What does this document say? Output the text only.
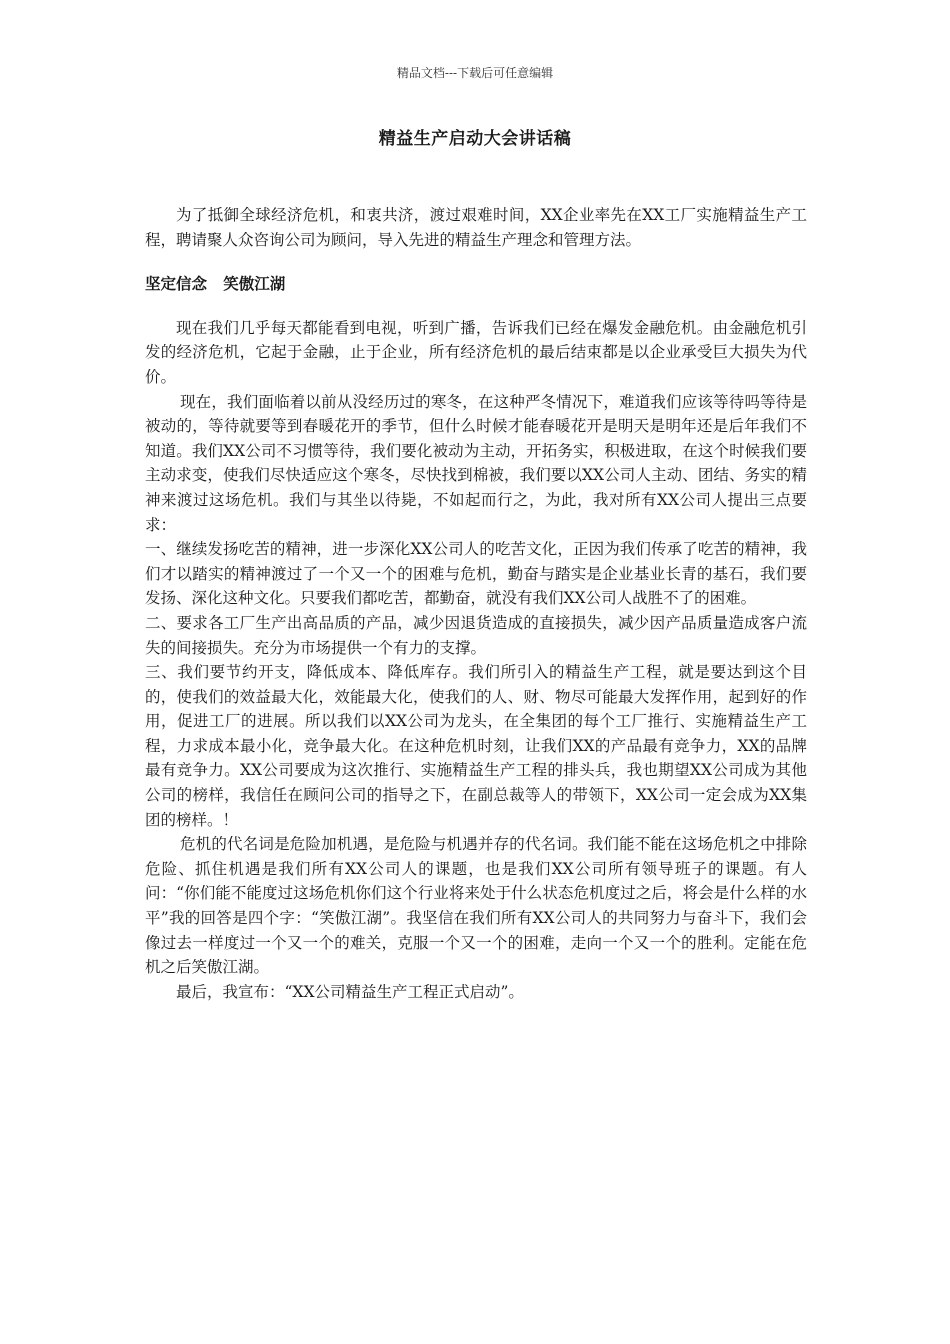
精品文档---下载后可任意编辑
精益生产启动大会讲话稿

为了抵御全球经济危机，和衷共济，渡过艰难时间，XX企业率先在XX工厂实施精益生产工程，聘请聚人众咨询公司为顾问，导入先进的精益生产理念和管理方法。

坚定信念   笑傲江湖

现在我们几乎每天都能看到电视，听到广播，告诉我们已经在爆发金融危机。由金融危机引发的经济危机，它起于金融，止于企业，所有经济危机的最后结束都是以企业承受巨大损失为代价。

现在，我们面临着以前从没经历过的寒冬，在这种严冬情况下，难道我们应该等待吗等待是被动的，等待就要等到春暖花开的季节，但什么时候才能春暖花开是明天是明年还是后年我们不知道。我们XX公司不习惯等待，我们要化被动为主动，开拓务实，积极进取，在这个时候我们要主动求变，使我们尽快适应这个寒冬，尽快找到棉被，我们要以XX公司人主动、团结、务实的精神来渡过这场危机。我们与其坐以待毙，不如起而行之，为此，我对所有XX公司人提出三点要求：

一、继续发扬吃苦的精神，进一步深化XX公司人的吃苦文化，正因为我们传承了吃苦的精神，我们才以踏实的精神渡过了一个又一个的困难与危机，勤奋与踏实是企业基业长青的基石，我们要发扬、深化这种文化。只要我们都吃苦，都勤奋，就没有我们XX公司人战胜不了的困难。

二、要求各工厂生产出高品质的产品，减少因退货造成的直接损失，减少因产品质量造成客户流失的间接损失。充分为市场提供一个有力的支撑。

三、我们要节约开支，降低成本、降低库存。我们所引入的精益生产工程，就是要达到这个目的，使我们的效益最大化，效能最大化，使我们的人、财、物尽可能最大发挥作用，起到好的作用，促进工厂的进展。所以我们以XX公司为龙头，在全集团的每个工厂推行、实施精益生产工程，力求成本最小化，竞争最大化。在这种危机时刻，让我们XX的产品最有竞争力，XX的品牌最有竞争力。XX公司要成为这次推行、实施精益生产工程的排头兵，我也期望XX公司成为其他公司的榜样，我信任在顾问公司的指导之下，在副总裁等人的带领下，XX公司一定会成为XX集团的榜样。！

危机的代名词是危险加机遇，是危险与机遇并存的代名词。我们能不能在这场危机之中排除危险、抓住机遇是我们所有XX公司人的课题，也是我们XX公司所有领导班子的课题。有人问：“你们能不能度过这场危机你们这个行业将来处于什么状态危机度过之后，将会是什么样的水平”我的回答是四个字：“笑傲江湖”。我坚信在我们所有XX公司人的共同努力与奋斗下，我们会像过去一样度过一个又一个的难关，克服一个又一个的困难，走向一个又一个的胜利。定能在危机之后笑傲江湖。

最后，我宣布：“XX公司精益生产工程正式启动”。
